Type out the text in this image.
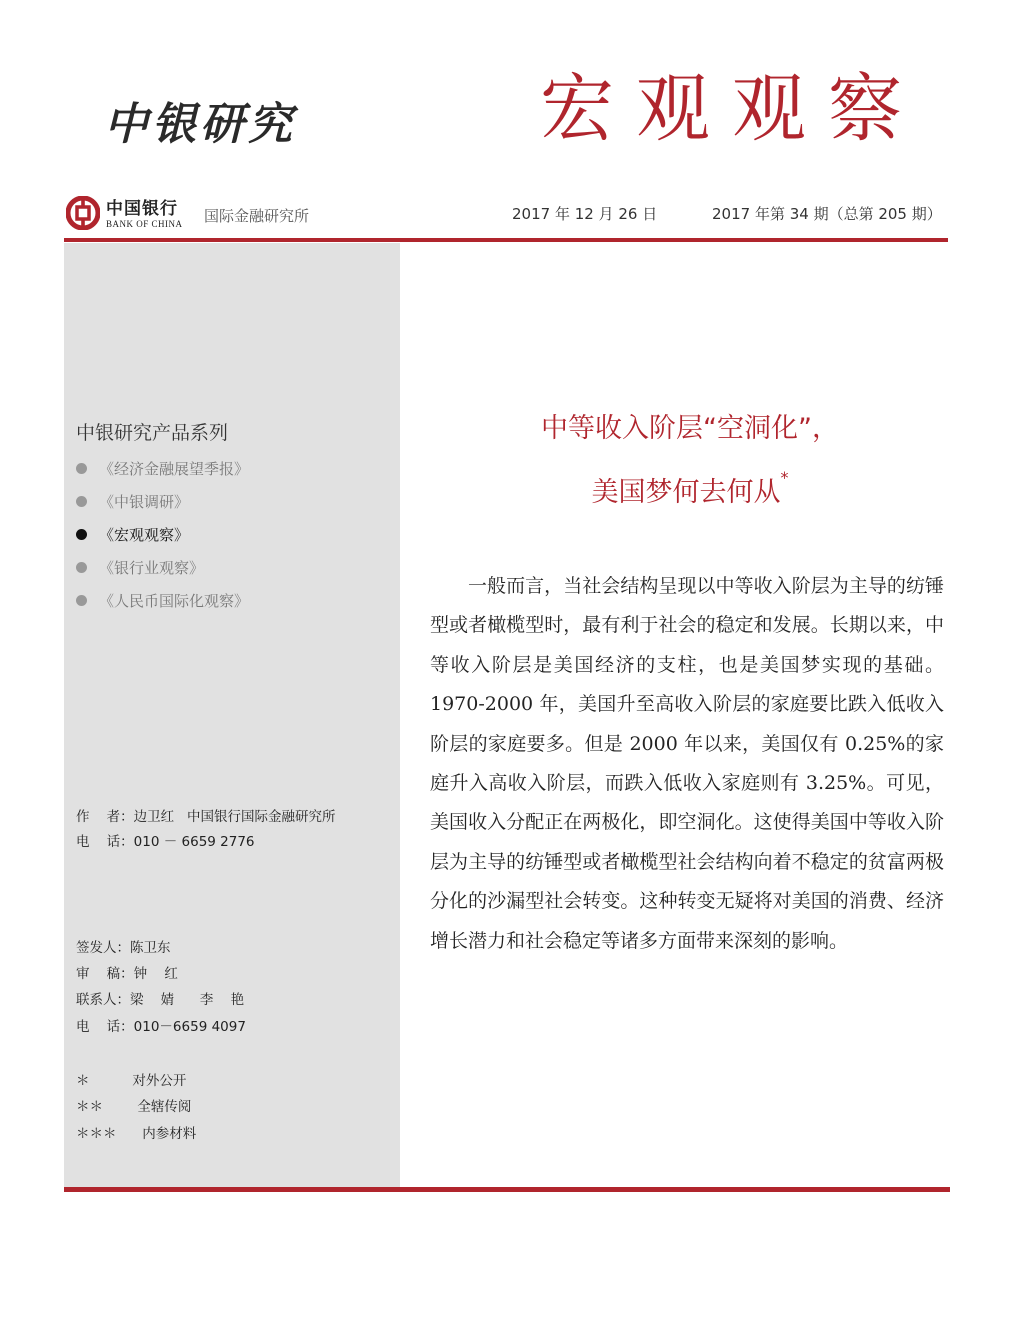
中银研究	宏观观察
中国银行
BANK OF CHINA 国际金融研究所	2017 年 12 月 26 日	2017 年第 34 期（总第 205 期）
中银研究产品系列
《经济金融展望季报》
《中银调研》
《宏观观察》
《银行业观察》
《人民币国际化观察》
作    者：边卫红   中国银行国际金融研究所
电    话：010 － 6659 2776
签发人：陈卫东
审    稿：钟    红
联系人：梁    婧      李    艳
电    话：010－6659 4097
＊          对外公开
＊＊        全辖传阅
＊＊＊      内参材料
中等收入阶层“空洞化”，
美国梦何去何从*
一般而言，当社会结构呈现以中等收入阶层为主导的纺锤型或者橄榄型时，最有利于社会的稳定和发展。长期以来，中等收入阶层是美国经济的支柱，也是美国梦实现的基础。1970-2000 年，美国升至高收入阶层的家庭要比跌入低收入阶层的家庭要多。但是 2000 年以来，美国仅有 0.25%的家庭升入高收入阶层，而跌入低收入家庭则有 3.25%。可见，美国收入分配正在两极化，即空洞化。这使得美国中等收入阶层为主导的纺锤型或者橄榄型社会结构向着不稳定的贫富两极分化的沙漏型社会转变。这种转变无疑将对美国的消费、经济增长潜力和社会稳定等诸多方面带来深刻的影响。
